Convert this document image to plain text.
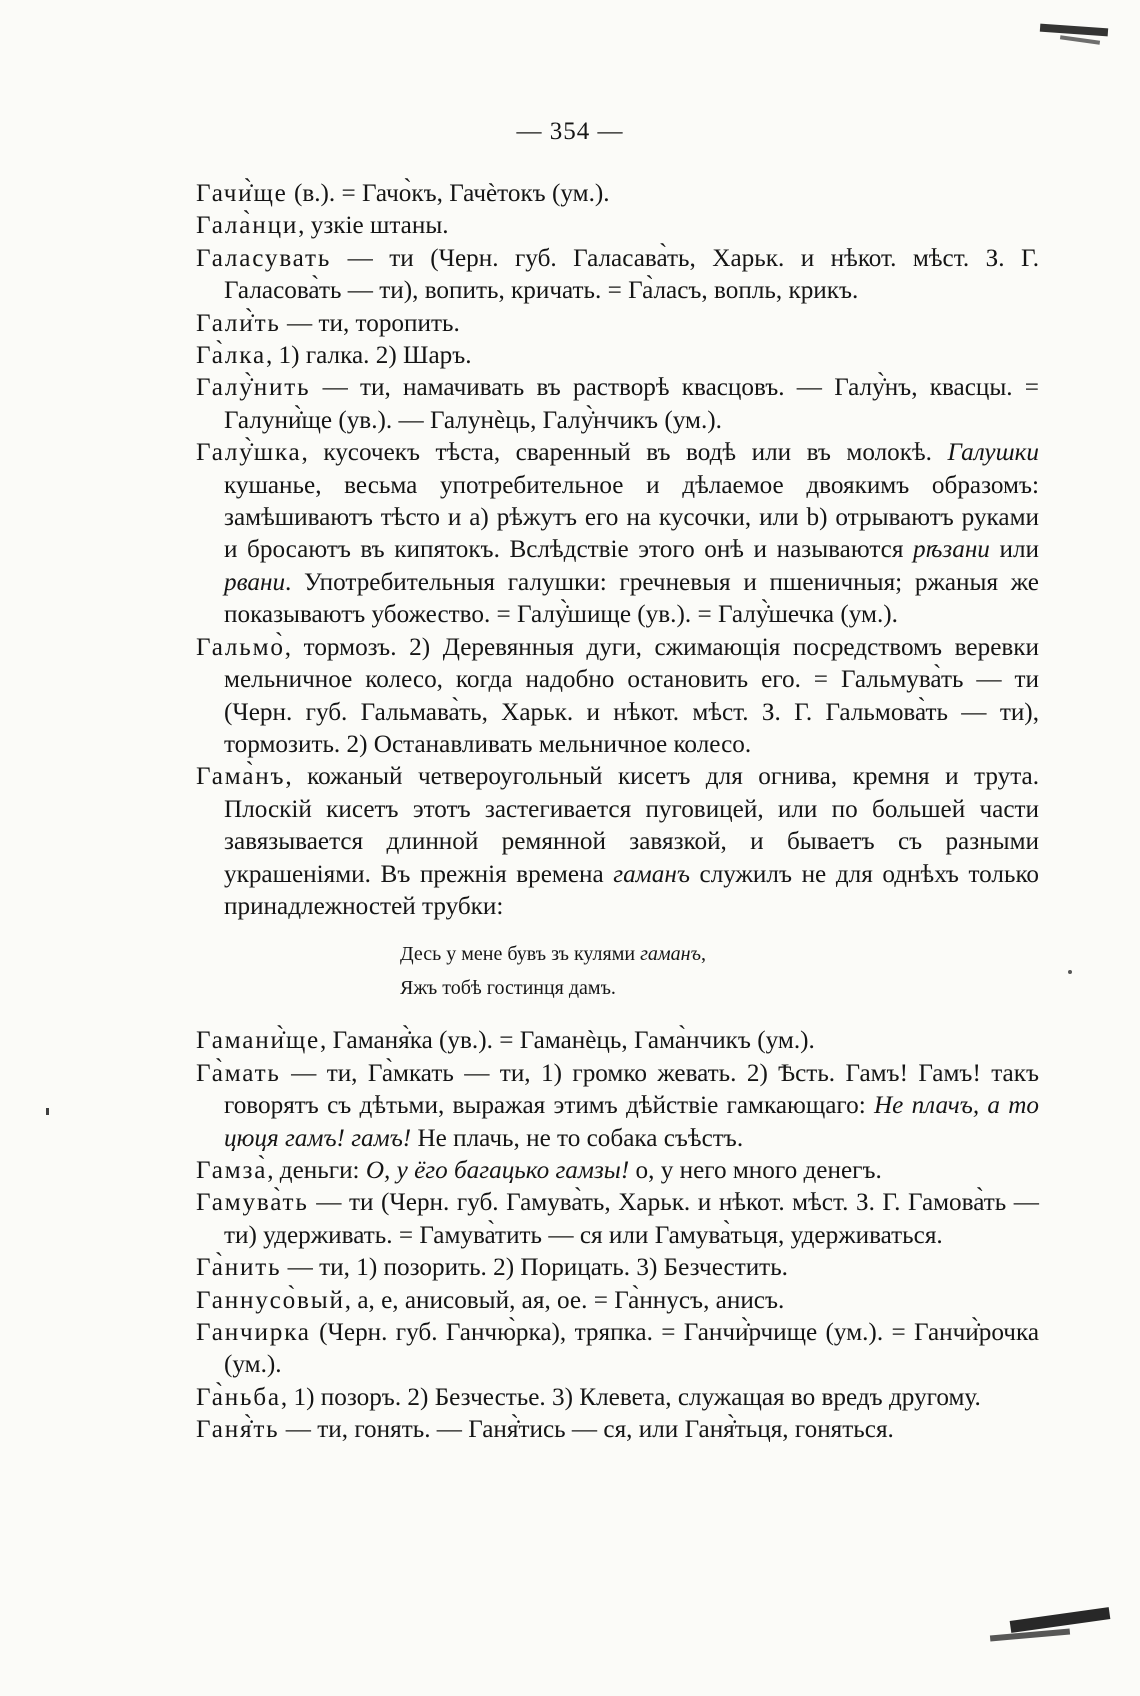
— 354 —

Гачи̇̀ще (в.). = Гачо̀къ, Гачѐтокъ (ум.).

Гала̀нци, узкіе штаны.

Галасувать — ти (Черн. губ. Галасава̀ть, Харьк. и нѣкот. мѣст. З. Г. Галасова̀ть — ти), вопить, кричать. = Га̀ласъ, вопль, крикъ.

Гали̇̀ть — ти, торопить.

Га̀лка, 1) галка. 2) Шаръ.

Галу̇̀нить — ти, намачивать въ растворѣ квасцовъ. — Галу̇̀нъ, квасцы. = Галуни̇̀ще (ув.). — Галунѐць, Галу̇̀нчикъ (ум.).

Галу̇̀шка, кусочекъ тѣста, сваренный въ водѣ или въ молокѣ. Галушки кушанье, весьма употребительное и дѣлаемое двоякимъ образомъ: замѣшиваютъ тѣсто и a) рѣжутъ его на кусочки, или b) отрываютъ руками и бросаютъ въ кипятокъ. Вслѣдствіе этого онѣ и называются рѣзани или рвани. Употребительныя галушки: гречневыя и пшеничныя; ржаныя же показываютъ убожество. = Галу̇̀шище (ув.). = Галу̇̀шечка (ум.).

Гальмо̀, тормозъ. 2) Деревянныя дуги, сжимающія посредствомъ веревки мельничное колесо, когда надобно остановить его. = Гальмува̀ть — ти (Черн. губ. Гальмава̀ть, Харьк. и нѣкот. мѣст. З. Г. Гальмова̀ть — ти), тормозить. 2) Останавливать мельничное колесо.

Гама̀нъ, кожаный четвероугольный кисетъ для огнива, кремня и трута. Плоскій кисетъ этотъ застегивается пуговицей, или по большей части завязывается длинной ремянной завязкой, и бываетъ съ разными украшеніями. Въ прежнія времена гаманъ служилъ не для однѣхъ только принадлежностей трубки:

Десь у мене бувъ зъ кулями гаманъ,
Яжъ тобѣ гостинця дамъ.

Гамани̇̀ще, Гаманя̇̀ка (ув.). = Гаманѐць, Гама̀нчикъ (ум.).

Га̀мать — ти, Га̀мкать — ти, 1) громко жевать. 2) Ѣсть. Гамъ! Гамъ! такъ говорятъ съ дѣтьми, выражая этимъ дѣйствіе гамкающаго: Не плачъ, а то цюця гамъ! гамъ! Не плачь, не то собака съѣстъ.

Гамза̀, деньги: О, у ёго багацько гамзы! о, у него много денегъ.

Гамува̀ть — ти (Черн. губ. Гамува̀ть, Харьк. и нѣкот. мѣст. З. Г. Гамова̀ть — ти) удерживать. = Гамува̀тить — ся или Гамува̀тьця, удерживаться.

Га̀нить — ти, 1) позорить. 2) Порицать. 3) Безчестить.

Ганнусо̀вый, а, е, анисовый, ая, ое. = Га̀ннусъ, анисъ.

Ганчирка (Черн. губ. Ганчю̀рка), тряпка. = Ганчи̇̀рчище (ум.). = Ганчи̇̀рочка (ум.).

Га̀ньба, 1) позоръ. 2) Безчестье. 3) Клевета, служащая во вредъ другому.

Ганя̇̀ть — ти, гонять. — Ганя̇̀тись — ся, или Ганя̇̀тьця, гоняться.
